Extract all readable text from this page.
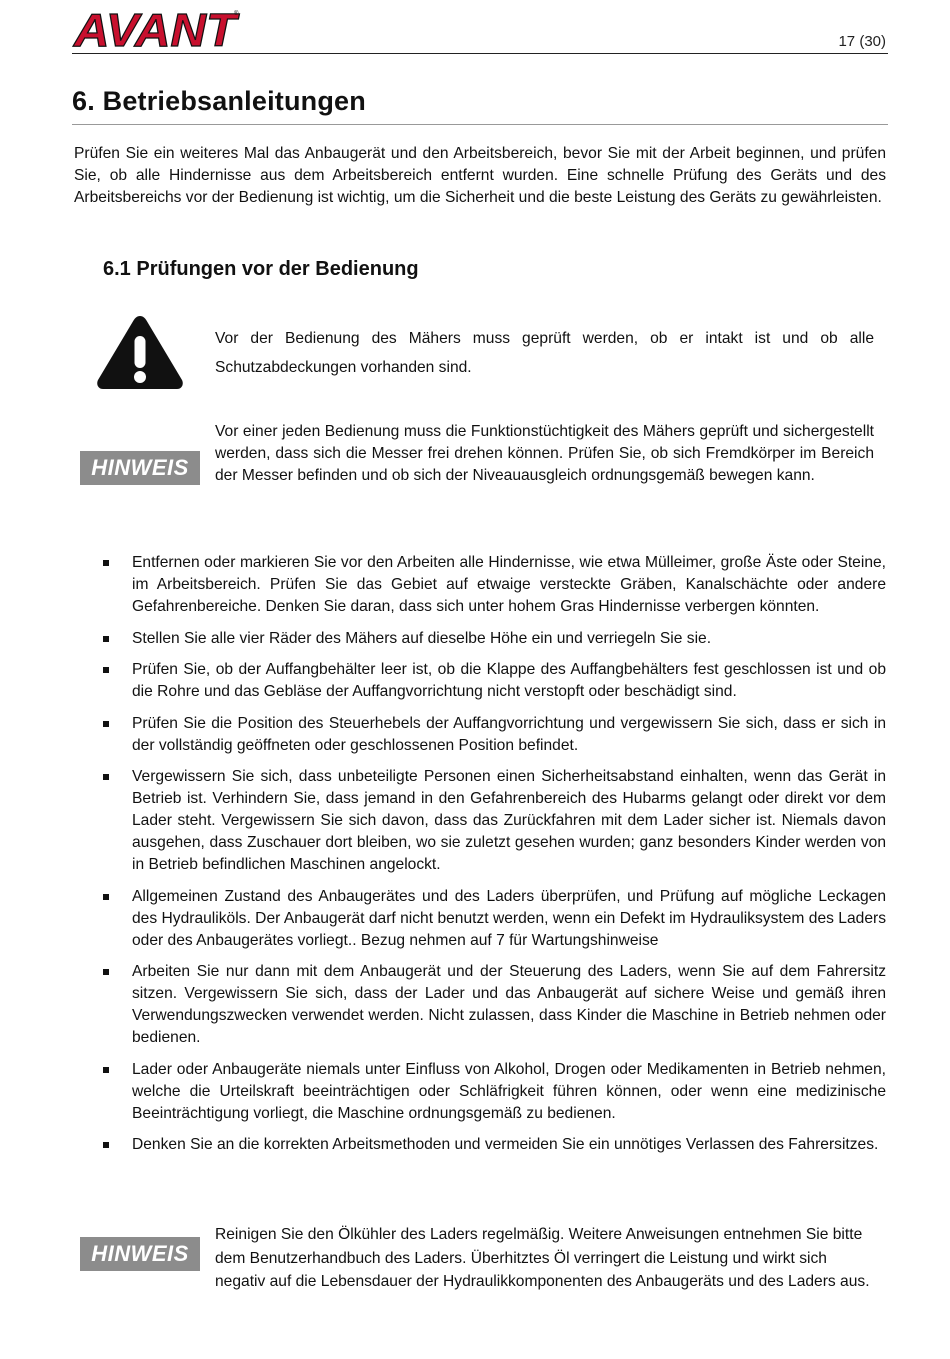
AVANT
®
17 (30)
6. Betriebsanleitungen

Prüfen Sie ein weiteres Mal das Anbaugerät und den Arbeitsbereich, bevor Sie mit der Arbeit beginnen, und prüfen Sie, ob alle Hindernisse aus dem Arbeitsbereich entfernt wurden. Eine schnelle Prüfung des Geräts und des Arbeitsbereichs vor der Bedienung ist wichtig, um die Sicherheit und die beste Leistung des Geräts zu gewährleisten.

6.1 Prüfungen vor der Bedienung

Vor der Bedienung des Mähers muss geprüft werden, ob er intakt ist und ob alle Schutzabdeckungen vorhanden sind.

HINWEIS

Vor einer jeden Bedienung muss die Funktionstüchtigkeit des Mähers geprüft und sichergestellt werden, dass sich die Messer frei drehen können. Prüfen Sie, ob sich Fremdkörper im Bereich der Messer befinden und ob sich der Niveauausgleich ordnungsgemäß bewegen kann.

Entfernen oder markieren Sie vor den Arbeiten alle Hindernisse, wie etwa Mülleimer, große Äste oder Steine, im Arbeitsbereich. Prüfen Sie das Gebiet auf etwaige versteckte Gräben, Kanalschächte oder andere Gefahrenbereiche. Denken Sie daran, dass sich unter hohem Gras Hindernisse verbergen könnten.
Stellen Sie alle vier Räder des Mähers auf dieselbe Höhe ein und verriegeln Sie sie.
Prüfen Sie, ob der Auffangbehälter leer ist, ob die Klappe des Auffangbehälters fest geschlossen ist und ob die Rohre und das Gebläse der Auffangvorrichtung nicht verstopft oder beschädigt sind.
Prüfen Sie die Position des Steuerhebels der Auffangvorrichtung und vergewissern Sie sich, dass er sich in der vollständig geöffneten oder geschlossenen Position befindet.
Vergewissern Sie sich, dass unbeteiligte Personen einen Sicherheitsabstand einhalten, wenn das Gerät in Betrieb ist. Verhindern Sie, dass jemand in den Gefahrenbereich des Hubarms gelangt oder direkt vor dem Lader steht. Vergewissern Sie sich davon, dass das Zurückfahren mit dem Lader sicher ist. Niemals davon ausgehen, dass Zuschauer dort bleiben, wo sie zuletzt gesehen wurden; ganz besonders Kinder werden von in Betrieb befindlichen Maschinen angelockt.
Allgemeinen Zustand des Anbaugerätes und des Laders überprüfen, und Prüfung auf mögliche Leckagen des Hydrauliköls. Der Anbaugerät darf nicht benutzt werden, wenn ein Defekt im Hydrauliksystem des Laders oder des Anbaugerätes vorliegt.. Bezug nehmen auf 7 für Wartungshinweise
Arbeiten Sie nur dann mit dem Anbaugerät und der Steuerung des Laders, wenn Sie auf dem Fahrersitz sitzen. Vergewissern Sie sich, dass der Lader und das Anbaugerät auf sichere Weise und gemäß ihren Verwendungszwecken verwendet werden. Nicht zulassen, dass Kinder die Maschine in Betrieb nehmen oder bedienen.
Lader oder Anbaugeräte niemals unter Einfluss von Alkohol, Drogen oder Medikamenten in Betrieb nehmen, welche die Urteilskraft beeinträchtigen oder Schläfrigkeit führen können, oder wenn eine medizinische Beeinträchtigung vorliegt, die Maschine ordnungsgemäß zu bedienen.
Denken Sie an die korrekten Arbeitsmethoden und vermeiden Sie ein unnötiges Verlassen des Fahrersitzes.
HINWEIS

Reinigen Sie den Ölkühler des Laders regelmäßig. Weitere Anweisungen entnehmen Sie bitte dem Benutzerhandbuch des Laders. Überhitztes Öl verringert die Leistung und wirkt sich negativ auf die Lebensdauer der Hydraulikkomponenten des Anbaugeräts und des Laders aus.
